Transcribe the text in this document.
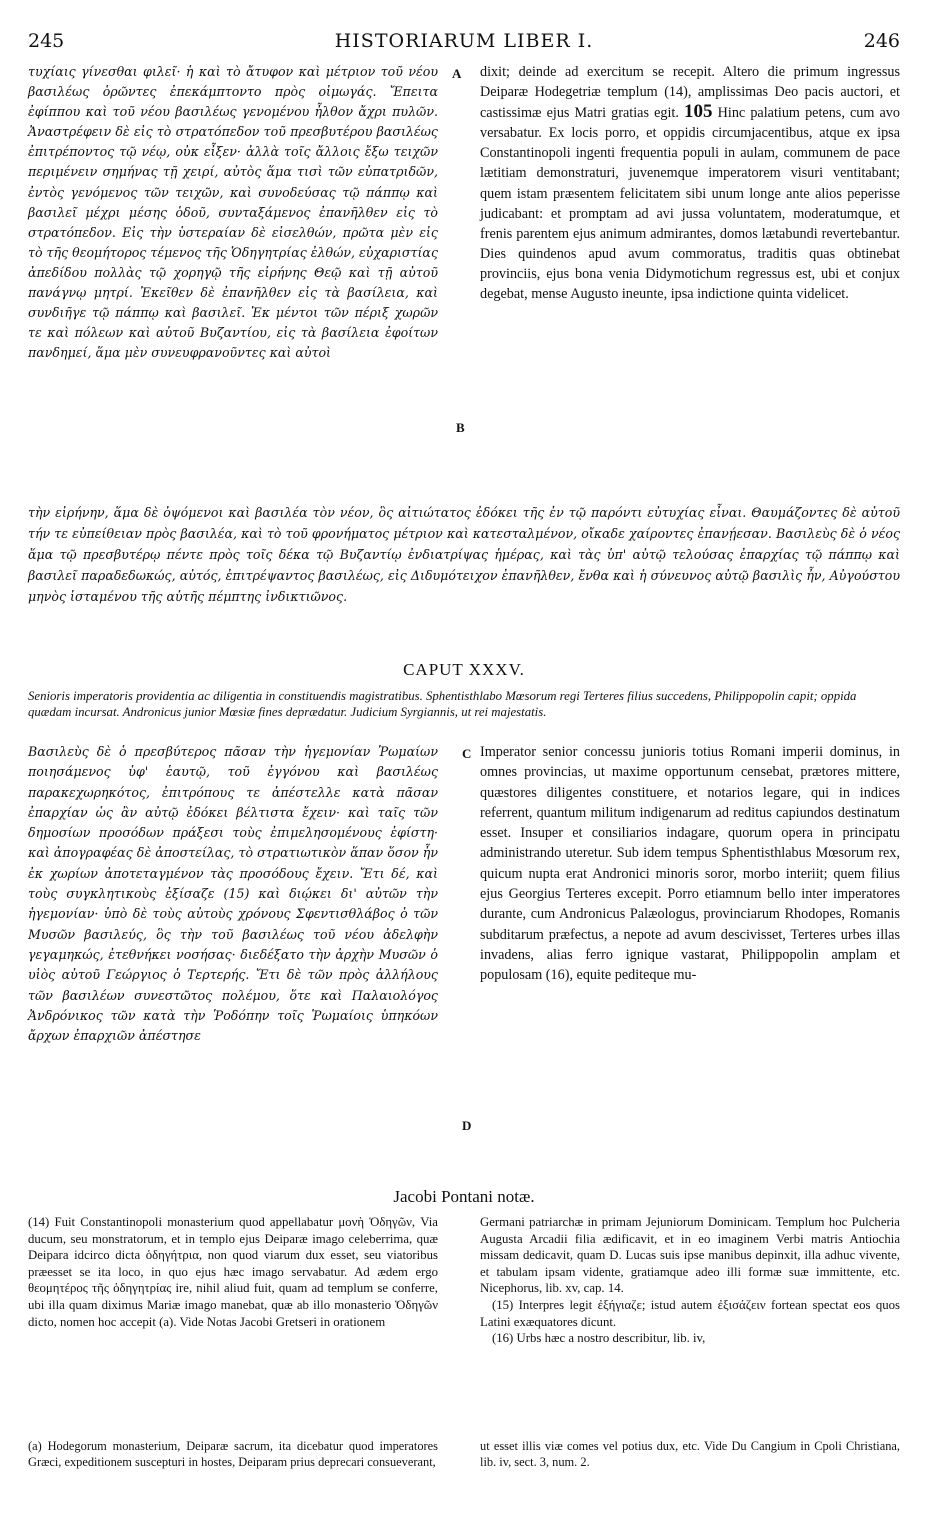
HISTORIARUM LIBER I.
245	246
τυχίαις γίνεσθαι φιλεῖ· ἡ καὶ τὸ ἄτυφον καὶ μέτριον τοῦ νέου βασιλέως ὁρῶντες ἐπεκάμπτοντο πρὸς οἰμωγάς. Ἔπειτα ἐφίππου καὶ τοῦ νέου βασιλέως γενομένου ἦλθον ἄχρι πυλῶν. Ἀναστρέφειν δὲ εἰς τὸ στρατόπεδον τοῦ πρεσβυτέρου βασιλέως ἐπιτρέποντος τῷ νέῳ, οὐκ εἶξεν· ἀλλὰ τοῖς ἄλλοις ἔξω τειχῶν περιμένειν σημήνας τῇ χειρί, αὐτὸς ἅμα τισὶ τῶν εὐπατριδῶν, ἐντὸς γενόμενος τῶν τειχῶν, καὶ συνοδεύσας τῷ πάππῳ καὶ βασιλεῖ μέχρι μέσης ὁδοῦ, συνταξάμενος ἐπανῆλθεν εἰς τὸ στρατόπεδον. Εἰς τὴν ὑστεραίαν δὲ εἰσελθών, πρῶτα μὲν εἰς τὸ τῆς θεομήτορος τέμενος τῆς Ὁδηγητρίας ἐλθών, εὐχαριστίας ἀπεδίδου πολλὰς τῷ χορηγῷ τῆς εἰρήνης Θεῷ καὶ τῇ αὐτοῦ πανάγνῳ μητρί. Ἐκεῖθεν δὲ ἐπανῆλθεν εἰς τὰ βασίλεια, καὶ συνδιῆγε τῷ πάππῳ καὶ βασιλεῖ. Ἐκ μέντοι τῶν πέριξ χωρῶν τε καὶ πόλεων καὶ αὐτοῦ Βυζαντίου, εἰς τὰ βασίλεια ἐφοίτων πανδημεί, ἅμα μὲν συνευφρανοῦντες καὶ αὐτοὶ
A
B
dixit; deinde ad exercitum se recepit. Altero die primum ingressus Deiparæ Hodegetriæ templum (14), amplissimas Deo pacis auctori, et castissimæ ejus Matri gratias egit. 105 Hinc palatium petens, cum avo versabatur. Ex locis porro, et oppidis circumjacentibus, atque ex ipsa Constantinopoli ingenti frequentia populi in aulam, communem de pace lætitiam demonstraturi, juvenemque imperatorem visuri ventitabant; quem istam præsentem felicitatem sibi unum longe ante alios peperisse judicabant: et promptam ad avi jussa voluntatem, moderatumque, et frenis parentem ejus animum admirantes, domos lætabundi revertebantur. Dies quindenos apud avum commoratus, traditis quas obtinebat provinciis, ejus bona venia Didymotichum regressus est, ubi et conjux degebat, mense Augusto ineunte, ipsa indictione quinta videlicet.
τὴν εἰρήνην, ἅμα δὲ ὀψόμενοι καὶ βασιλέα τὸν νέον, ὃς αἰτιώτατος ἐδόκει τῆς ἐν τῷ παρόντι εὐτυχίας εἶναι. Θαυμάζοντες δὲ αὐτοῦ τήν τε εὐπείθειαν πρὸς βασιλέα, καὶ τὸ τοῦ φρονήματος μέτριον καὶ κατεσταλμένον, οἴκαδε χαίροντες ἐπανῄεσαν. Βασιλεὺς δὲ ὁ νέος ἅμα τῷ πρεσβυτέρῳ πέντε πρὸς τοῖς δέκα τῷ Βυζαντίῳ ἐνδιατρίψας ἡμέρας, καὶ τὰς ὑπ' αὐτῷ τελούσας ἐπαρχίας τῷ πάππῳ καὶ βασιλεῖ παραδεδωκώς, αὐτός, ἐπιτρέψαντος βασιλέως, εἰς Διδυμότειχον ἐπανῆλθεν, ἔνθα καὶ ἡ σύνευνος αὐτῷ βασιλὶς ἦν, Αὐγούστου μηνὸς ἱσταμένου τῆς αὐτῆς πέμπτης ἰνδικτιῶνος.
CAPUT XXXV.
Senioris imperatoris providentia ac diligentia in constituendis magistratibus. Sphentisthlabo Mœsorum regi Terteres filius succedens, Philippopolin capit; oppida quædam incursat. Andronicus junior Mœsiæ fines deprædatur. Judicium Syrgiannis, ut rei majestatis.
Βασιλεὺς δὲ ὁ πρεσβύτερος πᾶσαν τὴν ἡγεμονίαν Ῥωμαίων ποιησάμενος ὑφ' ἑαυτῷ, τοῦ ἐγγόνου καὶ βασιλέως παρακεχωρηκότος, ἐπιτρόπους τε ἀπέστελλε κατὰ πᾶσαν ἐπαρχίαν ὡς ἂν αὐτῷ ἐδόκει βέλτιστα ἔχειν· καὶ ταῖς τῶν δημοσίων προσόδων πράξεσι τοὺς ἐπιμελησομένους ἐφίστη· καὶ ἀπογραφέας δὲ ἀποστείλας, τὸ στρατιωτικὸν ἅπαν ὅσον ἦν ἐκ χωρίων ἀποτεταγμένον τὰς προσόδους ἔχειν. Ἔτι δέ, καὶ τοὺς συγκλητικοὺς ἐξίσαζε (15) καὶ διῴκει δι' αὐτῶν τὴν ἡγεμονίαν· ὑπὸ δὲ τοὺς αὐτοὺς χρόνους Σφεντισθλάβος ὁ τῶν Μυσῶν βασιλεύς, ὃς τὴν τοῦ βασιλέως τοῦ νέου ἀδελφὴν γεγαμηκώς, ἐτεθνήκει νοσήσας· διεδέξατο τὴν ἀρχὴν Μυσῶν ὁ υἱὸς αὐτοῦ Γεώργιος ὁ Τερτερής. Ἔτι δὲ τῶν πρὸς ἀλλήλους τῶν βασιλέων συνεστῶτος πολέμου, ὅτε καὶ Παλαιολόγος Ἀνδρόνικος τῶν κατὰ τὴν Ῥοδόπην τοῖς Ῥωμαίοις ὑπηκόων ἄρχων ἐπαρχιῶν ἀπέστησε
C
D
Imperator senior concessu junioris totius Romani imperii dominus, in omnes provincias, ut maxime opportunum censebat, prætores mittere, quæstores diligentes constituere, et notarios legare, qui in indices referrent, quantum militum indigenarum ad reditus capiundos destinatum esset. Insuper et consiliarios indagare, quorum opera in principatu administrando uteretur. Sub idem tempus Sphentisthlabus Mœsorum rex, quicum nupta erat Andronici minoris soror, morbo interiit; quem filius ejus Georgius Terteres excepit. Porro etiamnum bello inter imperatores durante, cum Andronicus Palæologus, provinciarum Rhodopes, Romanis subditarum præfectus, a nepote ad avum descivisset, Terteres urbes illas invadens, alias ferro ignique vastarat, Philippopolin amplam et populosam (16), equite pediteque mu-
Jacobi Pontani notæ.
(14) Fuit Constantinopoli monasterium quod appellabatur μονὴ Ὁδηγῶν, Via ducum, seu monstratorum, et in templo ejus Deiparæ imago celeberrima, quæ Deipara idcirco dicta ὁδηγήτρια, non quod viarum dux esset, seu viatoribus præesset se ita loco, in quo ejus hæc imago servabatur. Ad ædem ergo θεομητέρος τῆς ὁδηγητρίας ire, nihil aliud fuit, quam ad templum se conferre, ubi illa quam diximus Mariæ imago manebat, quæ ab illo monasterio Ὁδηγῶν dicto, nomen hoc accepit (a). Vide Notas Jacobi Gretseri in orationem
Germani patriarchæ in primam Jejuniorum Dominicam. Templum hoc Pulcheria Augusta Arcadii filia ædificavit, et in eo imaginem Verbi matris Antiochia missam dedicavit, quam D. Lucas suis ipse manibus depinxit, illa adhuc vivente, et tabulam ipsam vidente, gratiamque adeo illi formæ suæ immittente, etc. Nicephorus, lib. xv, cap. 14.
(15) Interpres legit ἐξήγιαζε; istud autem ἐξισάζειν fortean spectat eos quos Latini exæquatores dicunt.
(16) Urbs hæc a nostro describitur, lib. iv,
(a) Hodegorum monasterium, Deiparæ sacrum, ita dicebatur quod imperatores Græci, expeditionem suscepturi in hostes, Deiparam prius deprecari consueverant,
ut esset illis viæ comes vel potius dux, etc. Vide Du Cangium in Cpoli Christiana, lib. iv, sect. 3, num. 2.
